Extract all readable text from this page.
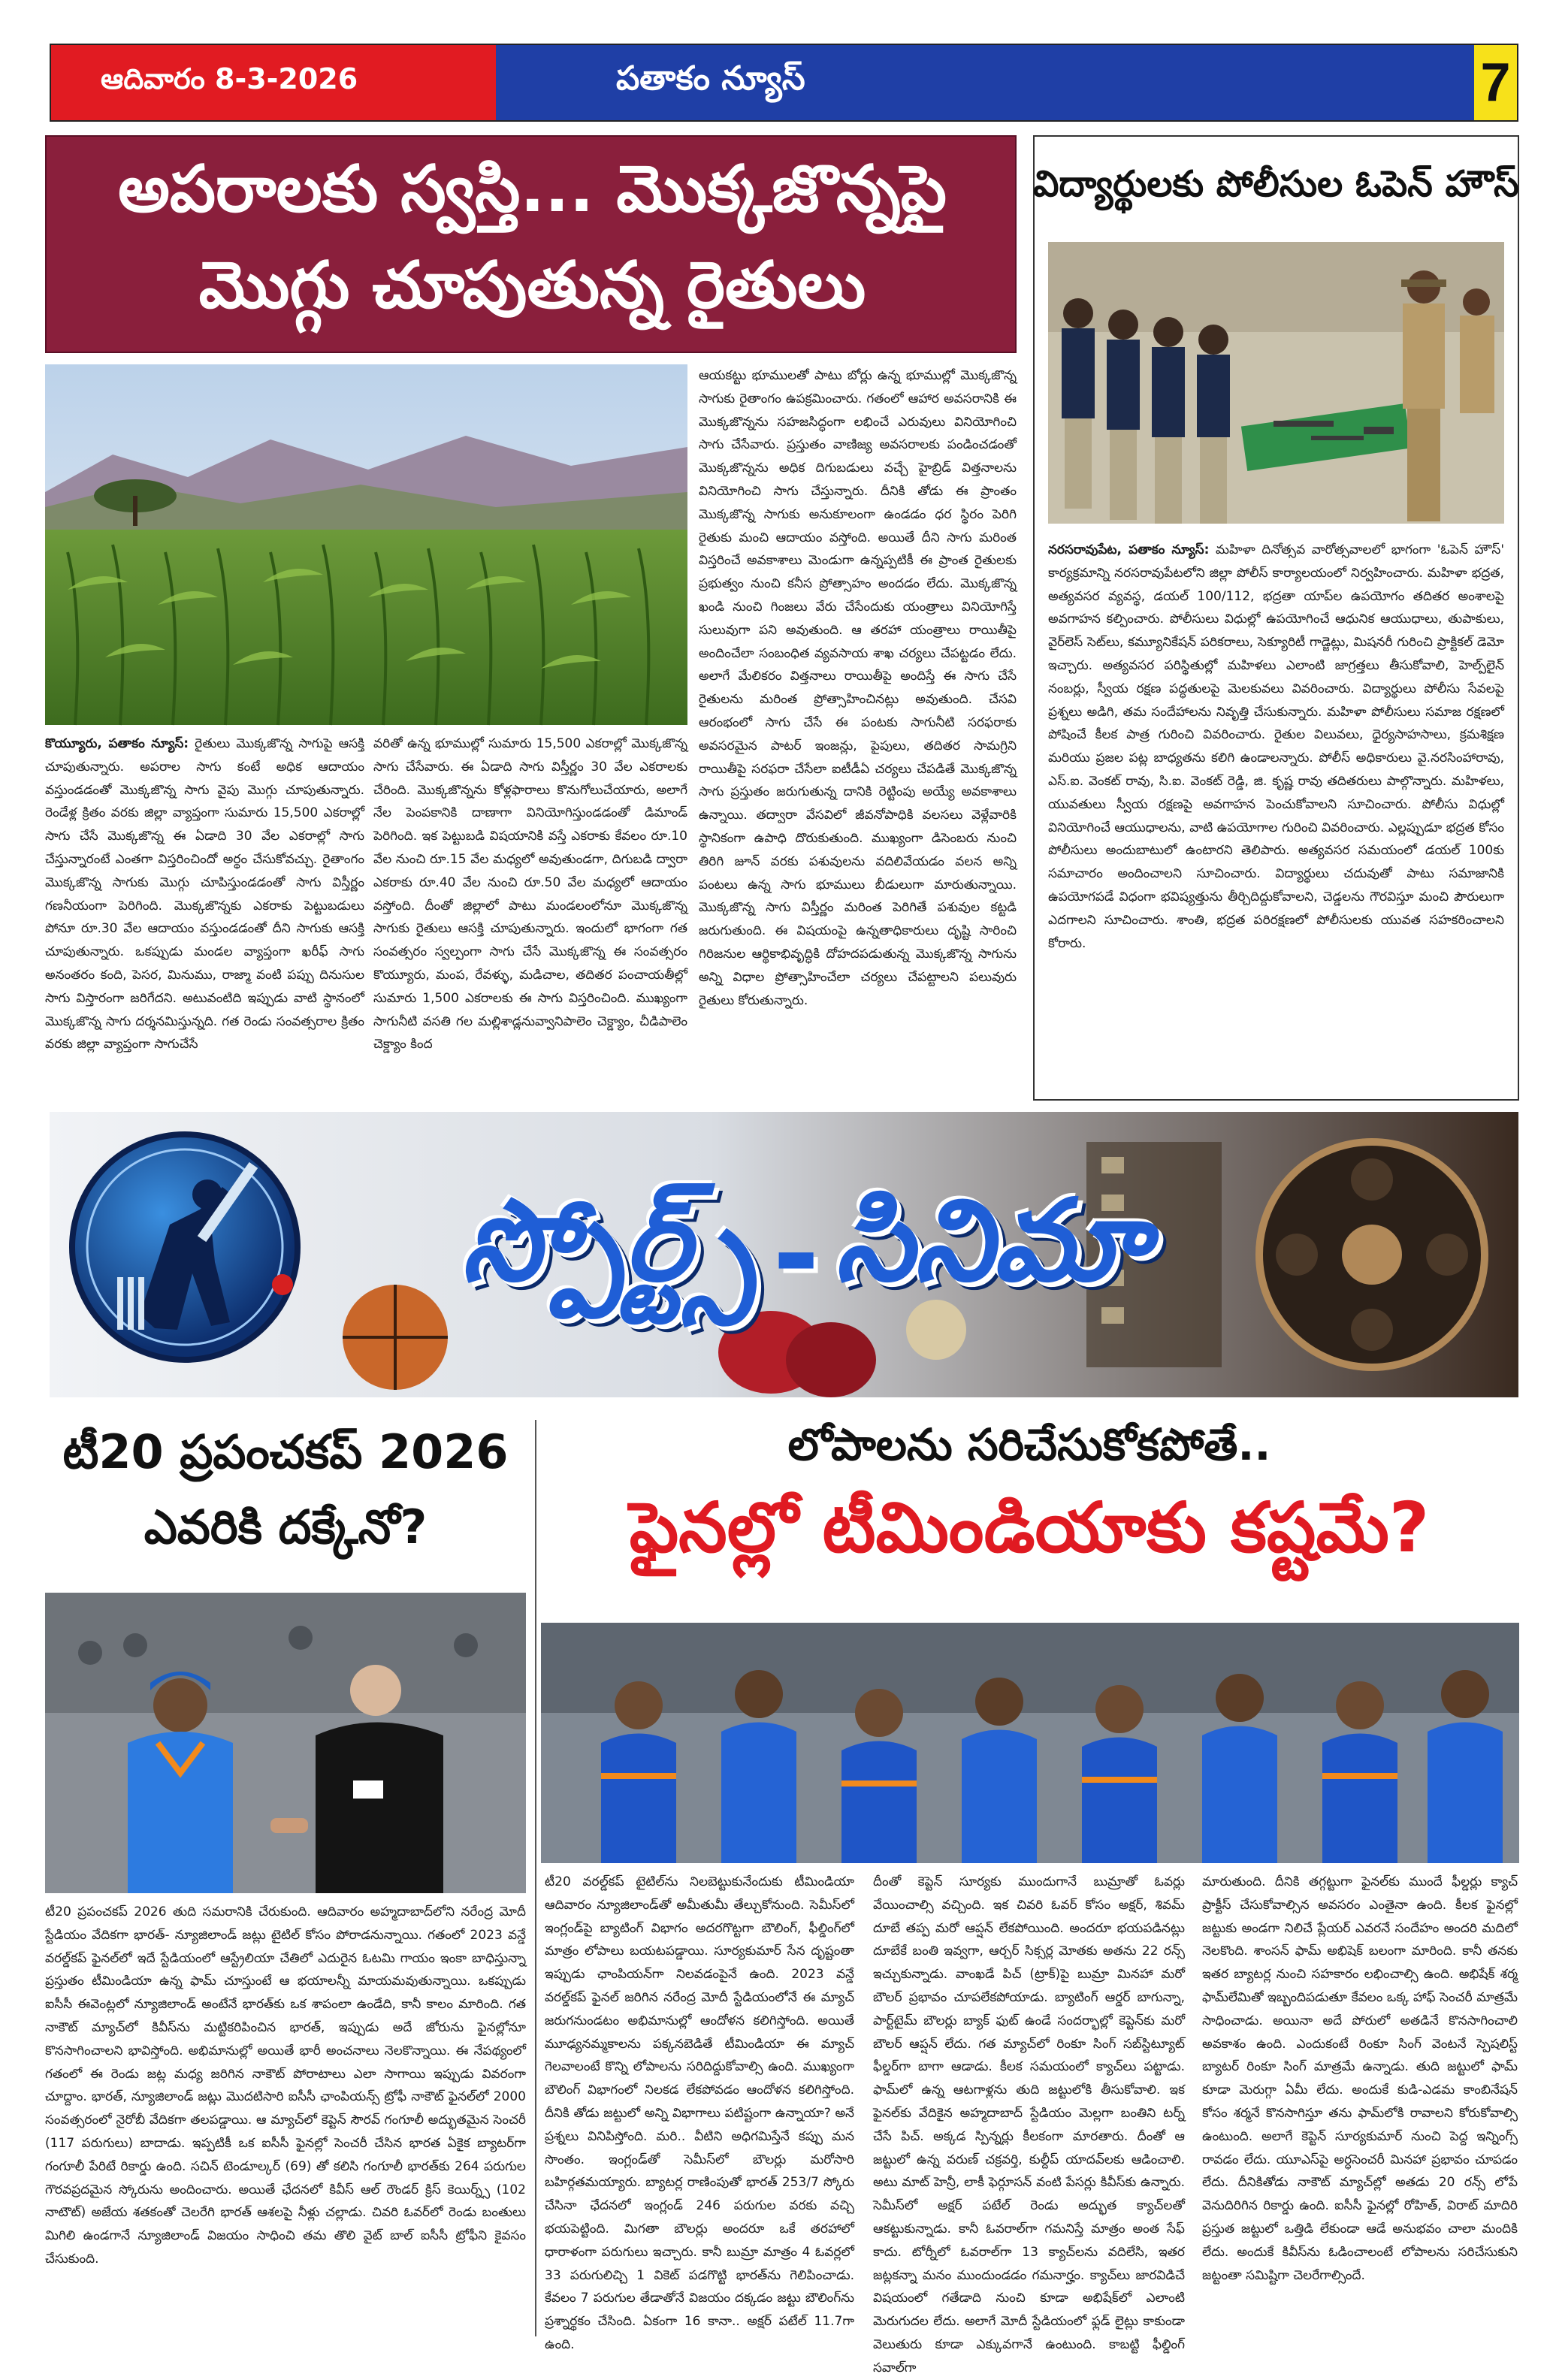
ఆదివారం 8-3-2026	పతాకం న్యూస్	7
అపరాలకు స్వస్తి... మొక్కజొన్నపై
మొగ్గు చూపుతున్న రైతులు
కొయ్యూరు, పతాకం న్యూస్: రైతులు మొక్కజొన్న సాగుపై ఆసక్తి చూపుతున్నారు. అపరాల సాగు కంటే అధిక ఆదాయం వస్తుండడంతో మొక్కజొన్న సాగు వైపు మొగ్గు చూపుతున్నారు. రెండేళ్ల క్రితం వరకు జిల్లా వ్యాప్తంగా సుమారు 15,500 ఎకరాల్లో సాగు చేసే మొక్కజొన్న ఈ ఏడాది 30 వేల ఎకరాల్లో సాగు చేస్తున్నారంటే ఎంతగా విస్తరించిందో అర్థం చేసుకోవచ్చు. రైతాంగం మొక్కజొన్న సాగుకు మొగ్గు చూపిస్తుండడంతో సాగు విస్తీర్ణం గణనీయంగా పెరిగింది. మొక్కజొన్నకు ఎకరాకు పెట్టుబడులు పోనూ రూ.30 వేల ఆదాయం వస్తుండడంతో దీని సాగుకు ఆసక్తి చూపుతున్నారు. ఒకప్పుడు మండల వ్యాప్తంగా ఖరీఫ్ సాగు అనంతరం కంది, పెసర, మినుము, రాజ్మా వంటి పప్పు దినుసుల సాగు విస్తారంగా జరిగేదని. అటువంటిది ఇప్పుడు వాటి స్థానంలో మొక్కజొన్న సాగు దర్శనమిస్తున్నది. గత రెండు సంవత్సరాల క్రితం వరకు జిల్లా వ్యాప్తంగా సాగుచేసే
వరితో ఉన్న భూముల్లో సుమారు 15,500 ఎకరాల్లో మొక్కజొన్న సాగు చేసేవారు. ఈ ఏడాది సాగు విస్తీర్ణం 30 వేల ఎకరాలకు చేరింది. మొక్కజొన్నను కోళ్లఫారాలు కొనుగోలుచేయారు, అలాగే నేల పెంపకానికి దాణాగా వినియోగిస్తుండడంతో డిమాండ్ పెరిగింది. ఇక పెట్టుబడి విషయానికి వస్తే ఎకరాకు కేవలం రూ.10 వేల నుంచి రూ.15 వేల మధ్యలో అవుతుండగా, దిగుబడి ద్వారా ఎకరాకు రూ.40 వేల నుంచి రూ.50 వేల మధ్యలో ఆదాయం వస్తోంది. దీంతో జిల్లాలో పాటు మండలంలోనూ మొక్కజొన్న సాగుకు రైతులు ఆసక్తి చూపుతున్నారు. ఇందులో భాగంగా గత సంవత్సరం స్వల్పంగా సాగు చేసే మొక్కజొన్న ఈ సంవత్సరం కొయ్యూరు, మంప, రేవళ్ళు, మడిచాల, తదితర పంచాయతీల్లో సుమారు 1,500 ఎకరాలకు ఈ సాగు విస్తరించింది. ముఖ్యంగా సాగునీటి వసతి గల మల్లిశాడ్లనువ్వానిపాలెం చెక్డ్యాం, చీడిపాలెం చెక్డ్యాం కింద
ఆయకట్టు భూములతో పాటు బోర్లు ఉన్న భూముల్లో మొక్కజొన్న సాగుకు రైతాంగం ఉపక్రమించారు. గతంలో ఆహార అవసరానికి ఈ మొక్కజొన్నను సహజసిద్ధంగా లభించే ఎరువులు వినియోగించి సాగు చేసేవారు. ప్రస్తుతం వాణిజ్య అవసరాలకు పండించడంతో మొక్కజొన్నను అధిక దిగుబడులు వచ్చే హైబ్రిడ్ విత్తనాలను వినియోగించి సాగు చేస్తున్నారు. దీనికి తోడు ఈ ప్రాంతం మొక్కజొన్న సాగుకు అనుకూలంగా ఉండడం ధర స్థిరం పెరిగి రైతుకు మంచి ఆదాయం వస్తోంది. అయితే దీని సాగు మరింత విస్తరించే అవకాశాలు మెండుగా ఉన్నప్పటికీ ఈ ప్రాంత రైతులకు ప్రభుత్వం నుంచి కనీస ప్రోత్సాహం అందడం లేదు. మొక్కజొన్న ఖండి నుంచి గింజలు వేరు చేసేందుకు యంత్రాలు వినియోగిస్తే సులువుగా పని అవుతుంది. ఆ తరహా యంత్రాలు రాయితీపై అందించేలా సంబంధిత వ్యవసాయ శాఖ చర్యలు చేపట్టడం లేదు. అలాగే మేలికరం విత్తనాలు రాయితీపై అందిస్తే ఈ సాగు చేసే రైతులను మరింత ప్రోత్సాహించినట్లు అవుతుంది. చేసవి ఆరంభంలో సాగు చేసే ఈ పంటకు సాగునీటి సరఫరాకు అవసరమైన పాటర్ ఇంజన్లు, పైపులు, తదితర సామగ్రిని రాయితీపై సరఫరా చేసేలా ఐటీడీఏ చర్యలు చేపడితే మొక్కజొన్న సాగు ప్రస్తుతం జరుగుతున్న దానికి రెట్టింపు అయ్యే అవకాశాలు ఉన్నాయి. తద్వారా వేసవిలో జీవనోపాధికి వలసలు వెళ్లేవారికి స్థానికంగా ఉపాధి దొరుకుతుంది. ముఖ్యంగా డిసెంబరు నుంచి తిరిగి జూన్ వరకు పశువులను వదిలివేయడం వలన అన్ని పంటలు ఉన్న సాగు భూములు బీడులుగా మారుతున్నాయి. మొక్కజొన్న సాగు విస్తీర్ణం మరింత పెరిగితే పశువుల కట్టడి జరుగుతుంది. ఈ విషయంపై ఉన్నతాధికారులు దృష్టి సారించి గిరిజనుల ఆర్థికాభివృద్ధికి దోహదపడుతున్న మొక్కజొన్న సాగును అన్ని విధాల ప్రోత్సాహించేలా చర్యలు చేపట్టాలని పలువురు రైతులు కోరుతున్నారు.
విద్యార్థులకు పోలీసుల ఓపెన్ హౌస్
నరసరావుపేట, పతాకం న్యూస్: మహిళా దినోత్సవ వారోత్సవాలలో భాగంగా 'ఓపెన్ హౌస్' కార్యక్రమాన్ని నరసరావుపేటలోని జిల్లా పోలీస్ కార్యాలయంలో నిర్వహించారు. మహిళా భద్రత, అత్యవసర వ్యవస్థ, డయల్ 100/112, భద్రతా యాప్‌ల ఉపయోగం తదితర అంశాలపై అవగాహన కల్పించారు. పోలీసులు విధుల్లో ఉపయోగించే ఆధునిక ఆయుధాలు, తుపాకులు, వైర్‌లెస్ సెట్‌లు, కమ్యూనికేషన్ పరికరాలు, సెక్యూరిటీ గాడ్జెట్లు, మిషనరీ గురించి ప్రాక్టికల్ డెమో ఇచ్చారు. అత్యవసర పరిస్థితుల్లో మహిళలు ఎలాంటి జాగ్రత్తలు తీసుకోవాలి, హెల్ప్‌లైన్ నంబర్లు, స్వీయ రక్షణ పద్ధతులపై మెలకువలు వివరించారు. విద్యార్థులు పోలీసు సేవలపై ప్రశ్నలు అడిగి, తమ సందేహాలను నివృత్తి చేసుకున్నారు. మహిళా పోలీసులు సమాజ రక్షణలో పోషించే కీలక పాత్ర గురించి వివరించారు. రైతుల విలువలు, ధైర్యసాహసాలు, క్రమశిక్షణ మరియు ప్రజల పట్ల బాధ్యతను కలిగి ఉండాలన్నారు. పోలీస్ అధికారులు వై.నరసింహారావు, ఎస్.ఐ. వెంకట్ రావు, సి.ఐ. వెంకట్ రెడ్డి, జి. కృష్ణ రావు తదితరులు పాల్గొన్నారు. మహిళలు, యువతులు స్వీయ రక్షణపై అవగాహన పెంచుకోవాలని సూచించారు. పోలీసు విధుల్లో వినియోగించే ఆయుధాలను, వాటి ఉపయోగాల గురించి వివరించారు. ఎల్లప్పుడూ భద్రత కోసం పోలీసులు అందుబాటులో ఉంటారని తెలిపారు. అత్యవసర సమయంలో డయల్ 100కు సమాచారం అందించాలని సూచించారు. విద్యార్థులు చదువుతో పాటు సమాజానికి ఉపయోగపడే విధంగా భవిష్యత్తును తీర్చిదిద్దుకోవాలని, చెడ్డలను గౌరవిస్తూ మంచి పౌరులుగా ఎదగాలని సూచించారు. శాంతి, భద్రత పరిరక్షణలో పోలీసులకు యువత సహకరించాలని కోరారు.
స్పోర్ట్స్ - సినిమా
టీ20 ప్రపంచకప్ 2026
ఎవరికి దక్కేనో?
టీ20 ప్రపంచకప్ 2026 తుది సమరానికి చేరుకుంది. ఆదివారం అహ్మదాబాద్‌లోని నరేంద్ర మోదీ స్టేడియం వేదికగా భారత్- న్యూజిలాండ్ జట్లు టైటిల్ కోసం పోరాడనున్నాయి. గతంలో 2023 వన్డే వరల్డ్‌కప్ ఫైనల్‌లో ఇదే స్టేడియంలో ఆస్ట్రేలియా చేతిలో ఎదురైన ఓటమి గాయం ఇంకా బాధిస్తున్నా ప్రస్తుతం టీమిండియా ఉన్న ఫామ్ చూస్తుంటే ఆ భయాలన్నీ మాయమవుతున్నాయి. ఒకప్పుడు ఐసీసీ ఈవెంట్లలో న్యూజిలాండ్ అంటేనే భారత్‌కు ఒక శాపంలా ఉండేది, కానీ కాలం మారింది. గత నాకౌట్ మ్యాచ్‌లో కివీస్‌ను మట్టికరిపించిన భారత్, ఇప్పుడు అదే జోరును ఫైనల్లోనూ కొనసాగించాలని భావిస్తోంది. అభిమానుల్లో అయితే భారీ అంచనాలు నెలకొన్నాయి. ఈ నేపథ్యంలో గతంలో ఈ రెండు జట్ల మధ్య జరిగిన నాకౌట్ పోరాటాలు ఎలా సాగాయి ఇప్పుడు వివరంగా చూద్దాం. భారత్, న్యూజిలాండ్ జట్లు మొదటిసారి ఐసీసీ ఛాంపియన్స్ ట్రోఫీ నాకౌట్ ఫైనల్‌లో 2000 సంవత్సరంలో నైరోబీ వేదికగా తలపడ్డాయి. ఆ మ్యాచ్‌లో కెప్టెన్ సౌరవ్ గంగూలీ అద్భుతమైన సెంచరీ (117 పరుగులు) బాదాడు. ఇప్పటికీ ఒక ఐసీసీ ఫైనల్లో సెంచరీ చేసిన భారత ఏకైక బ్యాటర్‌గా గంగూలీ పేరిటే రికార్డు ఉంది. సచిన్ టెండూల్కర్ (69) తో కలిసి గంగూలీ భారత్‌కు 264 పరుగుల గౌరవప్రదమైన స్కోరును అందించారు. అయితే ఛేదనలో కివీస్ ఆల్ రౌండర్ క్రిస్ కెయిర్న్స్ (102 నాటౌట్) అజేయ శతకంతో చెలరేగి భారత్ ఆశలపై నీళ్లు చల్లాడు. చివరి ఓవర్‌లో రెండు బంతులు మిగిలి ఉండగానే న్యూజిలాండ్ విజయం సాధించి తమ తొలి వైట్ బాల్ ఐసీసీ ట్రోఫీని కైవసం చేసుకుంది.
లోపాలను సరిచేసుకోకపోతే..
ఫైనల్లో టీమిండియాకు కష్టమే?
టీ20 వరల్డ్‌కప్ టైటిల్‌ను నిలబెట్టుకునేందుకు టీమిండియా ఆదివారం న్యూజిలాండ్‌తో అమీతుమీ తేల్చుకోనుంది. సెమీస్‌లో ఇంగ్లండ్‌పై బ్యాటింగ్ విభాగం అదరగొట్టగా బౌలింగ్, ఫీల్డింగ్‌లో మాత్రం లోపాలు బయటపడ్డాయి. సూర్యకుమార్ సేన దృష్టంతా ఇప్పుడు ఛాంపియన్‌గా నిలవడంపైనే ఉంది. 2023 వన్డే వరల్డ్‌కప్ ఫైనల్‌ జరిగిన నరేంద్ర మోదీ స్టేడియంలోనే ఈ మ్యాచ్ జరుగనుండటం అభిమానుల్లో ఆందోళన కలిగిస్తోంది. అయితే మూఢ్యనమ్మకాలను పక్కనబెడితే టీమిండియా ఈ మ్యాచ్ గెలవాలంటే కొన్ని లోపాలను సరిదిద్దుకోవాల్సి ఉంది. ముఖ్యంగా బౌలింగ్ విభాగంలో నిలకడ లేకపోవడం ఆందోళన కలిగిస్తోంది. దీనికి తోడు జట్టులో అన్ని విభాగాలు పటిష్టంగా ఉన్నాయా? అనే ప్రశ్నలు వినిపిస్తోంది. మరి.. వీటిని అధిగమిస్తేనే కప్పు మన సొంతం. ఇంగ్లండ్‌తో సెమీస్‌లో బౌలర్లు మరోసారి బహిర్గతమయ్యారు. బ్యాటర్ల రాణింపుతో భారత్ 253/7 స్కోరు చేసినా ఛేదనలో ఇంగ్లండ్ 246 పరుగుల వరకు వచ్చి భయపెట్టింది. మిగతా బౌలర్లు అందరూ ఒకే తరహాలో ధారాళంగా పరుగులు ఇచ్చారు. కానీ బుమ్రా మాత్రం 4 ఓవర్లలో 33 పరుగులిచ్చి 1 వికెట్ పడగొట్టి భారత్‌ను గెలిపించాడు. కేవలం 7 పరుగుల తేడాతోనే విజయం దక్కడం జట్టు బౌలింగ్‌ను ప్రశ్నార్థకం చేసింది. ఏకంగా 16 కానా.. అక్షర్ పటేల్ 11.7గా ఉంది.
దీంతో కెప్టెన్ సూర్యకు ముందుగానే బుమ్రాతో ఓవర్లు వేయించాల్సి వచ్చింది. ఇక చివరి ఓవర్ కోసం అక్షర్, శివమ్ దూబే తప్ప మరో ఆప్షన్ లేకపోయింది. అందరూ భయపడినట్లు దూబేకే బంతి ఇవ్వగా, ఆర్చర్ సిక్సర్ల మోతకు అతను 22 రన్స్ ఇచ్చుకున్నాడు. వాంఖడే పిచ్ (ట్రాక్)పై బుమ్రా మినహా మరో బౌలర్ ప్రభావం చూపలేకపోయాడు. బ్యాటింగ్ ఆర్డర్ బాగున్నా, పార్ట్‌టైమ్ బౌలర్లు బ్యాక్ ఫుట్ ఉండే సందర్భాల్లో కెప్టెన్‌కు మరో బౌలర్ ఆప్షన్ లేదు. గత మ్యాచ్‌లో రింకూ సింగ్ సబ్‌స్టిట్యూట్ ఫీల్డర్‌గా బాగా ఆడాడు. కీలక సమయంలో క్యాచ్‌లు పట్టాడు. ఫామ్‌లో ఉన్న ఆటగాళ్లను తుది జట్టులోకి తీసుకోవాలి. ఇక ఫైనల్‌కు వేదికైన అహ్మదాబాద్ స్టేడియం మెల్లగా బంతిని టర్న్ చేసే పిచ్. అక్కడ స్పిన్నర్లు కీలకంగా మారతారు. దీంతో ఆ జట్టులో ఉన్న వరుణ్ చక్రవర్తి, కుల్దీప్ యాదవ్‌లకు ఆడించాలి. అటు మాట్ హెన్రీ, లాకీ ఫెర్గూసన్ వంటి పేసర్లు కివీస్‌కు ఉన్నారు. సెమీస్‌లో అక్షర్ పటేల్ రెండు అద్భుత క్యాచ్‌లతో ఆకట్టుకున్నాడు. కానీ ఓవరాల్‌గా గమనిస్తే మాత్రం అంత సేఫ్ కాదు. టోర్నీలో ఓవరాల్‌గా 13 క్యాచ్‌లను వదిలేసి, ఇతర జట్లకన్నా మనం ముందుండడం గమనార్హం. క్యాచ్‌లు జారవిడిచే విషయంలో గతేడాది నుంచి కూడా అభిషేక్‌లో ఎలాంటి మెరుగుదల లేదు. అలాగే మోదీ స్టేడియంలో ఫ్లడ్ లైట్లు కాకుండా వెలుతురు కూడా ఎక్కువగానే ఉంటుంది. కాబట్టి ఫీల్డింగ్ సవాల్‌గా
మారుతుంది. దీనికి తగ్గట్టుగా ఫైనల్‌కు ముందే ఫీల్డర్లు క్యాచ్ ప్రాక్టీస్ చేసుకోవాల్సిన అవసరం ఎంతైనా ఉంది. కీలక ఫైనల్లో జట్టుకు అండగా నిలిచే ప్లేయర్ ఎవరనే సందేహం అందరి మదిలో నెలకొంది. శాంసన్ ఫామ్ అభిషెక్ బలంగా మారింది. కానీ తనకు ఇతర బ్యాటర్ల నుంచి సహకారం లభించాల్సి ఉంది. అభిషేక్ శర్మ ఫామ్‌లేమితో ఇబ్బందిపడుతూ కేవలం ఒక్క హాఫ్ సెంచరీ మాత్రమే సాధించాడు. అయినా అదే పోరులో అతడినే కొనసాగించాలి అవకాశం ఉంది. ఎందుకంటే రింకూ సింగ్ వెంటనే స్పెషలిస్ట్ బ్యాటర్ రింకూ సింగ్ మాత్రమే ఉన్నాడు. తుది జట్టులో ఫామ్ కూడా మెరుగ్గా ఏమీ లేదు. అందుకే కుడి-ఎడమ కాంబినేషన్ కోసం శర్మనే కొనసాగిస్తూ తను ఫామ్‌లోకి రావాలని కోరుకోవాల్సి ఉంటుంది. అలాగే కెప్టెన్ సూర్యకుమార్ నుంచి పెద్ద ఇన్నింగ్స్ రావడం లేదు. యూఎస్‌పై అర్ధసెంచరీ మినహా ప్రభావం చూపడం లేదు. దీనికితోడు నాకౌట్ మ్యాచ్‌ల్లో అతడు 20 రన్స్ లోపే వెనుదిరిగిన రికార్డు ఉంది. ఐసీసీ ఫైనల్లో రోహిత్, విరాట్ మాదిరి ప్రస్తుత జట్టులో ఒత్తిడి లేకుండా ఆడే అనుభవం చాలా మందికి లేదు. అందుకే కివీస్‌ను ఓడించాలంటే లోపాలను సరిచేసుకుని జట్టంతా సమిష్టిగా చెలరేగాల్సిందే.
